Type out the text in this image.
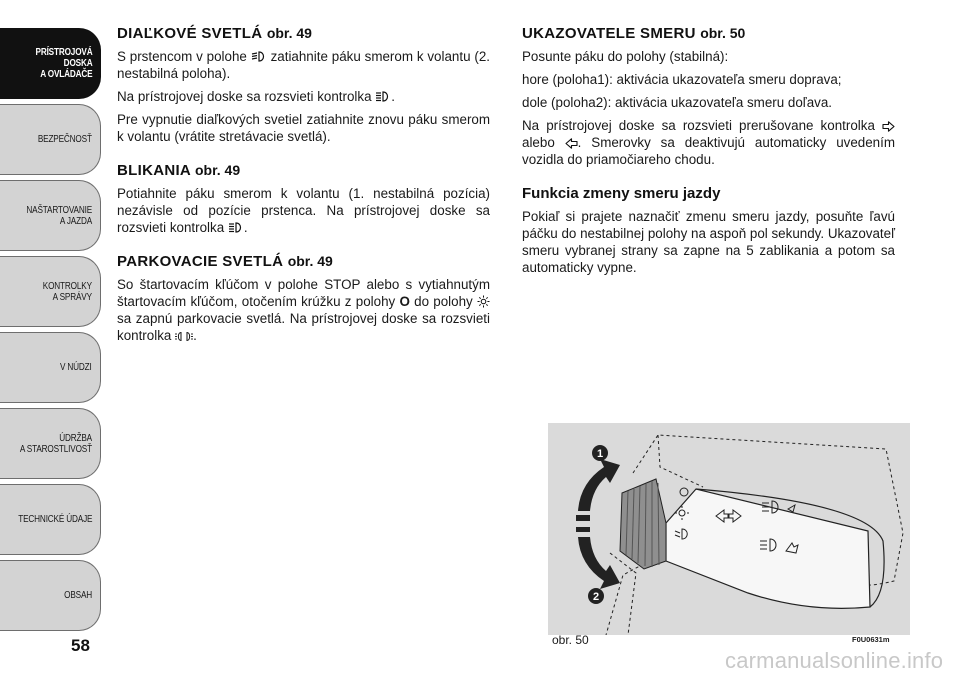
PRÍSTROJOVÁ
DOSKA
A OVLÁDAČE
BEZPEČNOSŤ
NAŠTARTOVANIE
A JAZDA
KONTROLKY
A SPRÁVY
V NÚDZI
ÚDRŽBA
A STAROSTLIVOSŤ
TECHNICKÉ ÚDAJE
OBSAH
58
DIAĽKOVÉ SVETLÁ obr. 49

S prstencom v polohe  zatiahnite páku smerom k volantu (2. nestabilná poloha).

Na prístrojovej doske sa rozsvieti kontrolka .

Pre vypnutie diaľkových svetiel zatiahnite znovu páku smerom k volantu (vrátite stretávacie svetlá).

BLIKANIA obr. 49

Potiahnite páku smerom k volantu (1. nestabilná pozícia) nezávisle od pozície prstenca. Na prístrojovej doske sa rozsvieti kontrolka .

PARKOVACIE SVETLÁ obr. 49

So štartovacím kľúčom v polohe STOP alebo s vytiahnutým štartovacím kľúčom, otočením krúžku z polohy O do polohy  sa zapnú parkovacie svetlá. Na prístrojovej doske sa rozsvieti kontrolka .

UKAZOVATELE SMERU obr. 50

Posunte páku do polohy (stabilná):

hore (poloha1): aktivácia ukazovateľa smeru doprava;

dole (poloha2): aktivácia ukazovateľa smeru doľava.

Na prístrojovej doske sa rozsvieti prerušovane kontrolka  alebo . Smerovky sa deaktivujú automaticky uvedením vozidla do priamočiareho chodu.

Funkcia zmeny smeru jazdy

Pokiaľ si prajete naznačiť zmenu smeru jazdy, posuňte ľavú páčku do nestabilnej polohy na aspoň pol sekundy. Ukazovateľ smeru vybranej strany sa zapne na 5 zablikania a potom sa automaticky vypne.

1
2
obr. 50	F0U0631m
carmanualsonline.info
